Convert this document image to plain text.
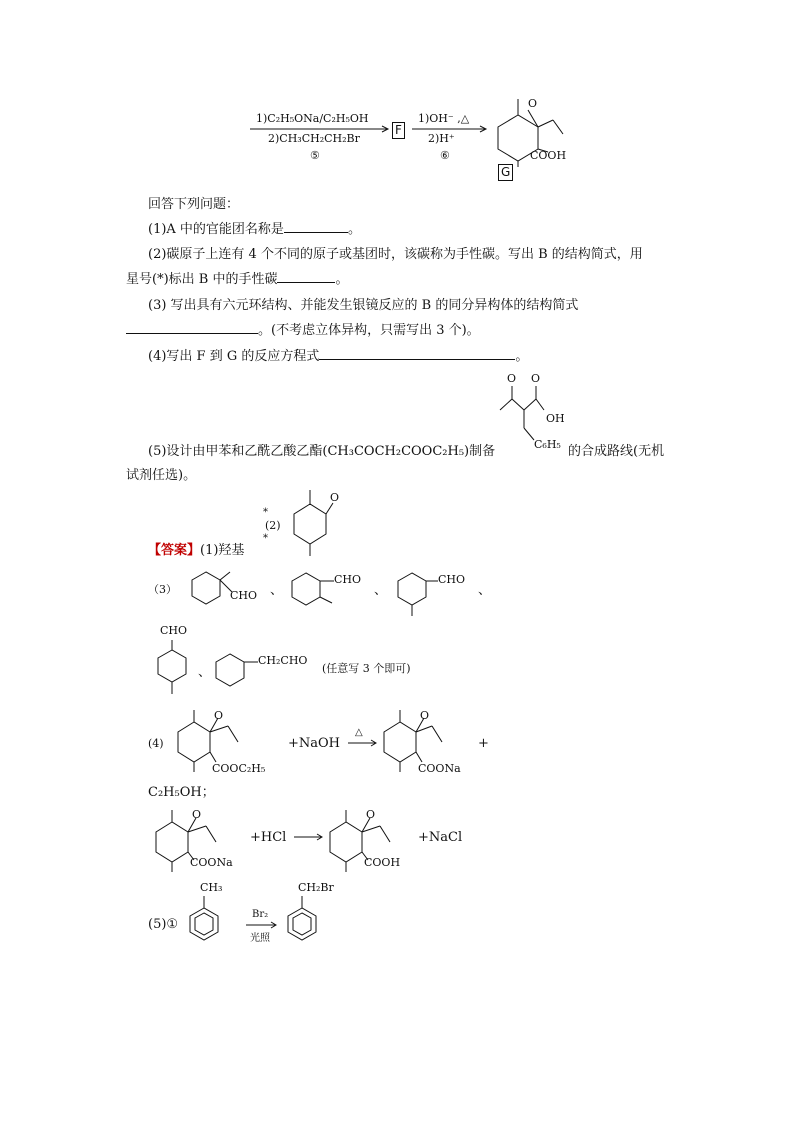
1)C₂H₅ONa/C₂H₅OH
2)CH₃CH₂CH₂Br
⑤
F
1)OH⁻ ,△
2)H⁺
⑥
O
COOH
G
回答下列问题：
(1)A 中的官能团名称是	。
(2)碳原子上连有 4 个不同的原子或基团时，该碳称为手性碳。写出 B 的结构简式，用
星号(*)标出 B 中的手性碳	。
(3) 写出具有六元环结构、并能发生银镜反应的 B 的同分异构体的结构简式
。(不考虑立体异构，只需写出 3 个)。
(4)写出 F 到 G 的反应方程式	。
O O
OH
C₆H₅
(5)设计由甲苯和乙酰乙酸乙酯(CH₃COCH₂COOC₂H₅)制备	的合成路线(无机
试剂任选)。
【答案】(1)羟基
*
(2)
*
O
（3）	CHO 、
CHO
、
CHO
、
CHO
、
CH₂CHO
(任意写 3 个即可)
(4)
O
COOC₂H₅
+NaOH
△
O
COONa
+
C₂H₅OH；
O
COONa
+HCl
O
COOH
+NaCl
(5)①
CH₃
Br₂
光照
CH₂Br
